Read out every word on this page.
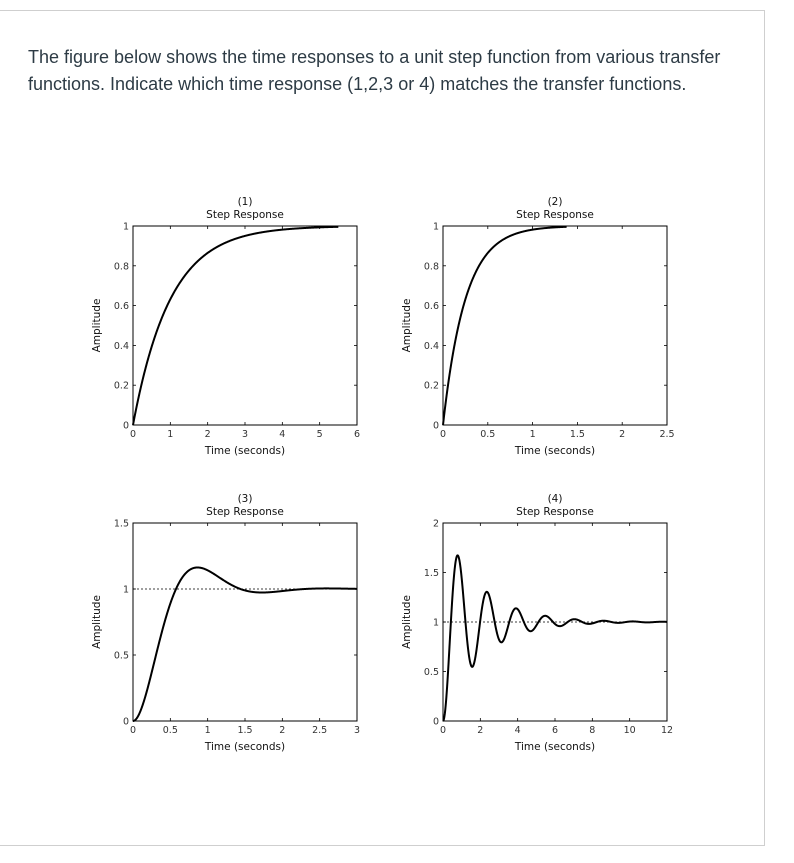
The figure below shows the time responses to a unit step function from various transfer functions. Indicate which time response (1,2,3 or 4) matches the transfer functions.

0	1	2	3	4	5	6
0
0.2
0.4
0.6
0.8
1
(1)
Step Response
Time (seconds)
Amplitude
0	0.5	1	1.5	2	2.5
0
0.2
0.4
0.6
0.8
1
(2)
Step Response
Time (seconds)
Amplitude
0	0.5	1	1.5	2	2.5	3
0
0.5
1
1.5
(3)
Step Response
Time (seconds)
Amplitude
0	2	4	6	8	10	12
0
0.5
1
1.5
2
(4)
Step Response
Time (seconds)
Amplitude
